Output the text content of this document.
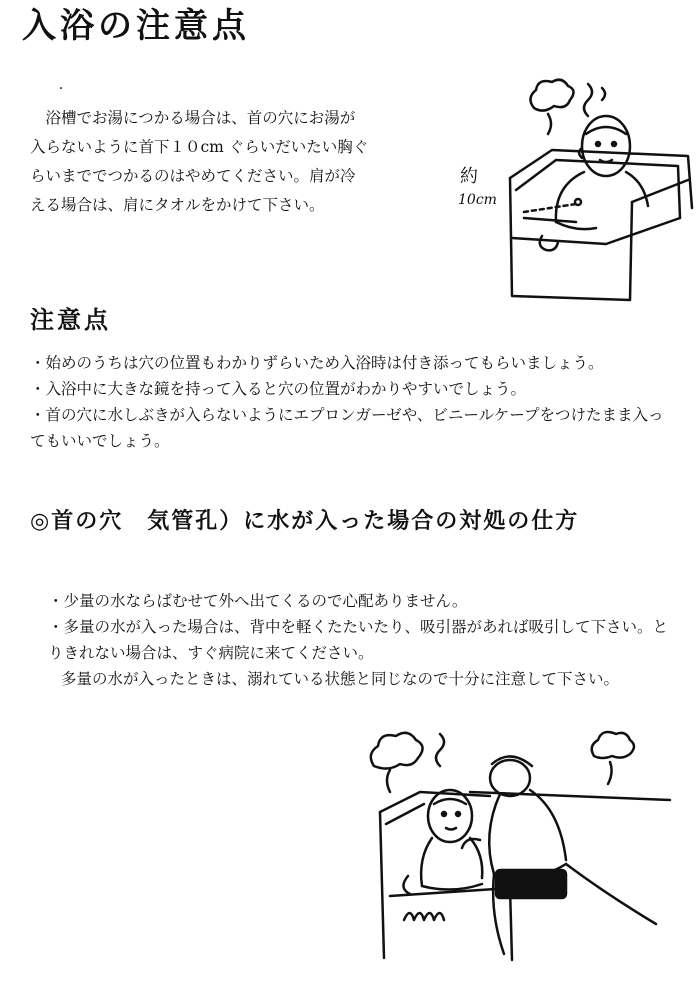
入浴の注意点
・

浴槽でお湯につかる場合は、首の穴にお湯が入らないように首下１０cm ぐらいだいたい胸ぐらいまででつかるのはやめてください。肩が冷える場合は、肩にタオルをかけて下さい。

約
10cm
注意点
・始めのうちは穴の位置もわかりずらいため入浴時は付き添ってもらいましょう。
・入浴中に大きな鏡を持って入ると穴の位置がわかりやすいでしょう。
・首の穴に水しぶきが入らないようにエプロンガーゼや、ビニールケープをつけたまま入ってもいいでしょう。
◎首の穴　気管孔）に水が入った場合の対処の仕方
・少量の水ならばむせて外へ出てくるので心配ありません。
・多量の水が入った場合は、背中を軽くたたいたり、吸引器があれば吸引して下さい。とりきれない場合は、すぐ病院に来てください。
多量の水が入ったときは、溺れている状態と同じなので十分に注意して下さい。
